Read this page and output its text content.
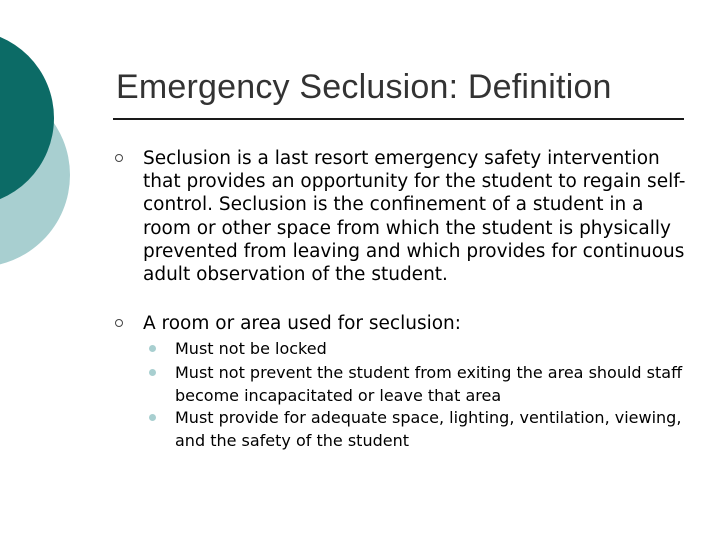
Emergency Seclusion: Definition
Seclusion is a last resort emergency safety intervention that provides an opportunity for the student to regain self-control. Seclusion is the confinement of a student in a room or other space from which the student is physically prevented from leaving and which provides for continuous adult observation of the student.
A room or area used for seclusion:
Must not be locked
Must not prevent the student from exiting the area should staff become incapacitated or leave that area
Must provide for adequate space, lighting, ventilation, viewing, and the safety of the student
